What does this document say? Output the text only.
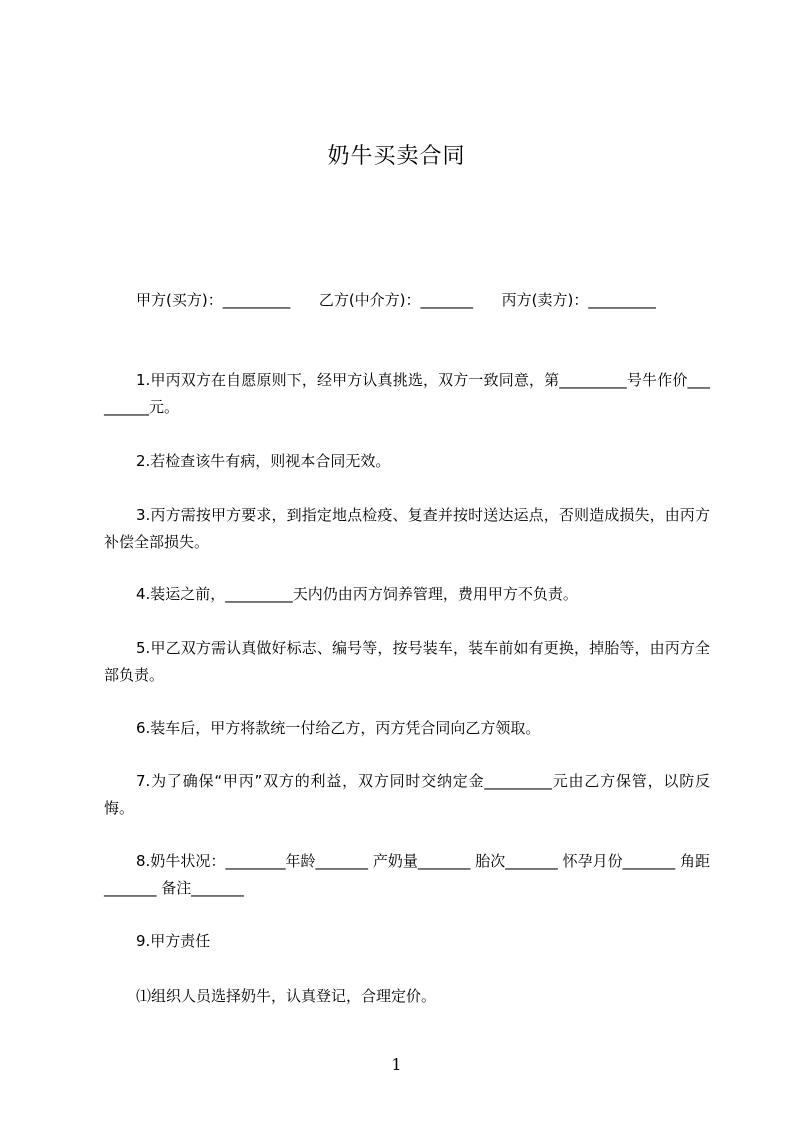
奶牛买卖合同
甲方(买方)：_________      乙方(中介方)：_______      丙方(卖方)：_________
1.甲丙双方在自愿原则下，经甲方认真挑选，双方一致同意，第_________号牛作价_________元。
2.若检查该牛有病，则视本合同无效。
3.丙方需按甲方要求，到指定地点检疫、复查并按时送达运点，否则造成损失，由丙方补偿全部损失。
4.装运之前，_________天内仍由丙方饲养管理，费用甲方不负责。
5.甲乙双方需认真做好标志、编号等，按号装车，装车前如有更换，掉胎等，由丙方全部负责。
6.装车后，甲方将款统一付给乙方，丙方凭合同向乙方领取。
7.为了确保“甲丙”双方的利益，双方同时交纳定金_________元由乙方保管，以防反悔。
8.奶牛状况：________年龄_______ 产奶量_______ 胎次_______ 怀孕月份_______ 角距_______ 备注_______
9.甲方责任
⑴组织人员选择奶牛，认真登记，合理定价。
1
